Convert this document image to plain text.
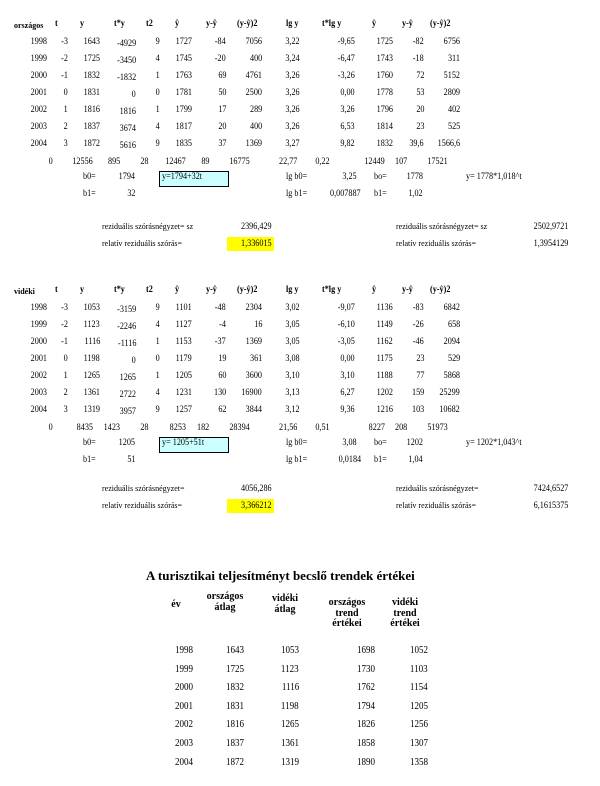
országos t y	t*y t2 ŷ	y-ŷ (y-ŷ)2	lg y t*lg y	ŷ	y-ŷ (y-ŷ)2
1998 -3 1643 -4929 9 1727 -84 7056 3,22	-9,65 1725 -82 6756
1999 -2 1725 -3450 4 1745 -20 400 3,24	-6,47 1743 -18	311
2000 -1 1832 -1832 1 1763	69 4761 3,26	-3,26 1760 72 5152
2001 0 1831	0 0 1781	50 2500 3,26	0,00 1778 53 2809
2002 1 1816 1816 1 1799	17 289 3,26	3,26 1796 20 402
2003 2 1837 3674 4 1817	20 400 3,26	6,53 1814 23 525
2004 3 1872 5616 9 1835	37 1369 3,27	9,82 1832 39,6 1566,6
0 12556 895 28 12467 89 16775	22,77 0,22	12449 107 17521
b0= 1794	y=1794+32t	lg b0=	3,25 bo= 1778	y= 1778*1,018^t
b1=	32	lg b1= 0,007887 b1= 1,02
reziduális szórásnégyzet= sz	2396,429	reziduális szórásnégyzet= sz	2502,9721
relatív reziduális szórás=	1,336015	relatív reziduális szórás=	1,3954129
vidéki t y	t*y t2 ŷ	y-ŷ (y-ŷ)2	lg y t*lg y	ŷ	y-ŷ (y-ŷ)2
1998 -3 1053 -3159 9 1101 -48 2304 3,02	-9,07 1136 -83 6842
1999 -2 1123 -2246 4 1127	-4	16 3,05	-6,10 1149 -26 658
2000 -1 1116 -1116 1 1153 -37 1369 3,05	-3,05 1162 -46 2094
2001 0 1198	0 0 1179	19 361 3,08	0,00 1175 23 529
2002 1 1265 1265 1 1205	60 3600 3,10	3,10 1188 77 5868
2003 2 1361 2722 4 1231 130 16900 3,13	6,27 1202 159 25299
2004 3 1319 3957 9 1257	62 3844 3,12	9,36 1216 103 10682
0 8435 1423 28 8253 182 28394	21,56 0,51	8227 208 51973
b0= 1205	y= 1205+51t	lg b0=	3,08 bo= 1202	y= 1202*1,043^t
b1=	51	lg b1=	0,0184 b1= 1,04
reziduális szórásnégyzet=	4056,286	reziduális szórásnégyzet=	7424,6527
relatív reziduális szórás=	3,366212	relatív reziduális szórás=	6,1615375
A turisztikai teljesítményt becslő trendek értékei
év
országos átlag
vidéki átlag
országos trend értékei
vidéki trend értékei
1998	1643	1053	1698	1052
1999	1725	1123	1730	1103
2000	1832	1116	1762	1154
2001	1831	1198	1794	1205
2002	1816	1265	1826	1256
2003	1837	1361	1858	1307
2004	1872	1319	1890	1358
